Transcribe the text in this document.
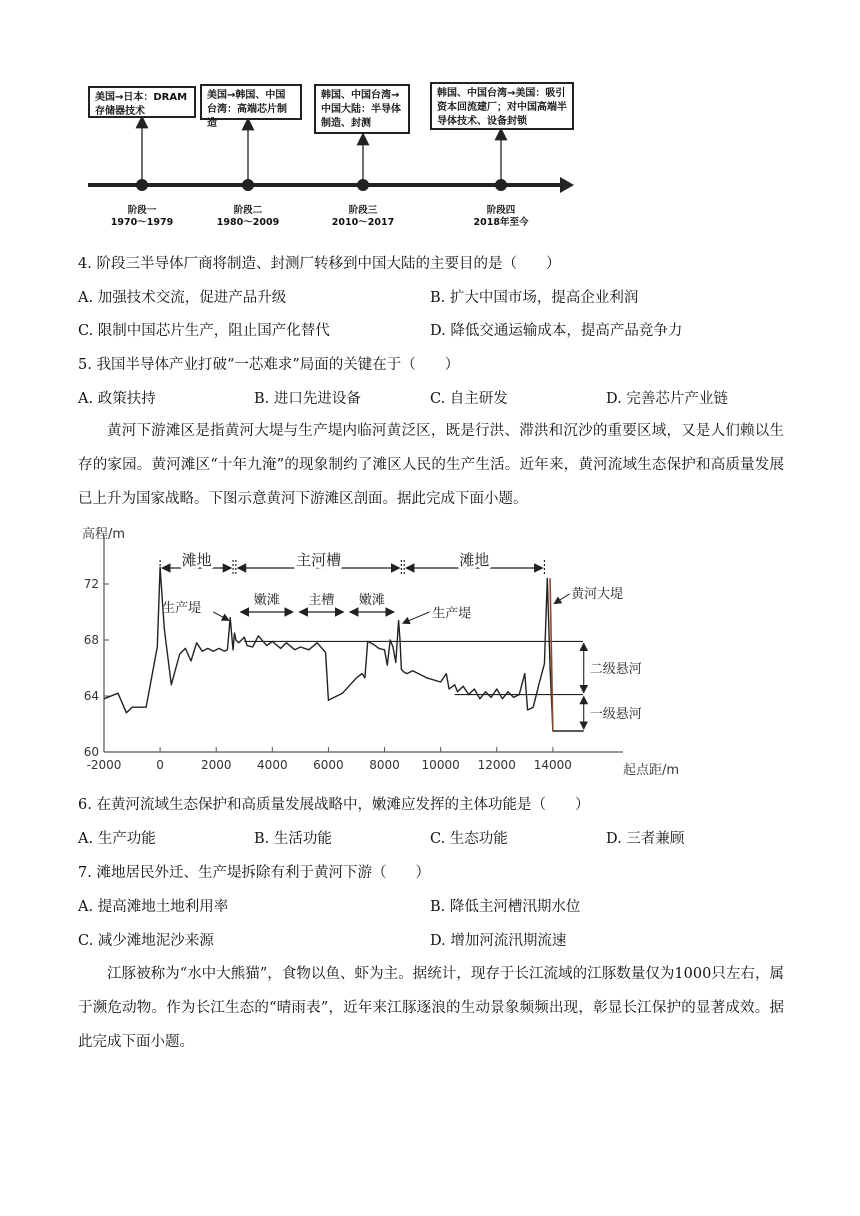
美国→日本：DRAM存储器技术
美国→韩国、中国台湾：高端芯片制造
韩国、中国台湾→中国大陆：半导体制造、封测
韩国、中国台湾→美国：吸引资本回流建厂；对中国高端半导体技术、设备封锁
阶段一
1970～1979
阶段二
1980～2009
阶段三
2010～2017
阶段四
2018年至今
4. 阶段三半导体厂商将制造、封测厂转移到中国大陆的主要目的是（　　）
A. 加强技术交流，促进产品升级	B. 扩大中国市场，提高企业利润
C. 限制中国芯片生产，阻止国产化替代	D. 降低交通运输成本，提高产品竞争力
5. 我国半导体产业打破“一芯难求”局面的关键在于（　　）
A. 政策扶持	B. 进口先进设备	C. 自主研发	D. 完善芯片产业链

黄河下游滩区是指黄河大堤与生产堤内临河黄泛区，既是行洪、滞洪和沉沙的重要区域，又是人们赖以生存的家园。黄河滩区“十年九淹”的现象制约了滩区人民的生产生活。近年来，黄河流域生态保护和高质量发展已上升为国家战略。下图示意黄河下游滩区剖面。据此完成下面小题。

60
64
68
72
-2000	0	2000 4000 6000 8000 10000 12000 14000
高程/m
起点距/m
滩地	主河槽	滩地
嫩滩 主槽 嫩滩
生产堤	生产堤
黄河大堤
二级悬河
一级悬河
6. 在黄河流域生态保护和高质量发展战略中，嫩滩应发挥的主体功能是（　　）
A. 生产功能	B. 生活功能	C. 生态功能	D. 三者兼顾
7. 滩地居民外迁、生产堤拆除有利于黄河下游（　　）
A. 提高滩地土地利用率	B. 降低主河槽汛期水位
C. 减少滩地泥沙来源	D. 增加河流汛期流速

江豚被称为“水中大熊猫”，食物以鱼、虾为主。据统计，现存于长江流域的江豚数量仅为1000只左右，属于濒危动物。作为长江生态的“晴雨表”，近年来江豚逐浪的生动景象频频出现，彰显长江保护的显著成效。据此完成下面小题。
